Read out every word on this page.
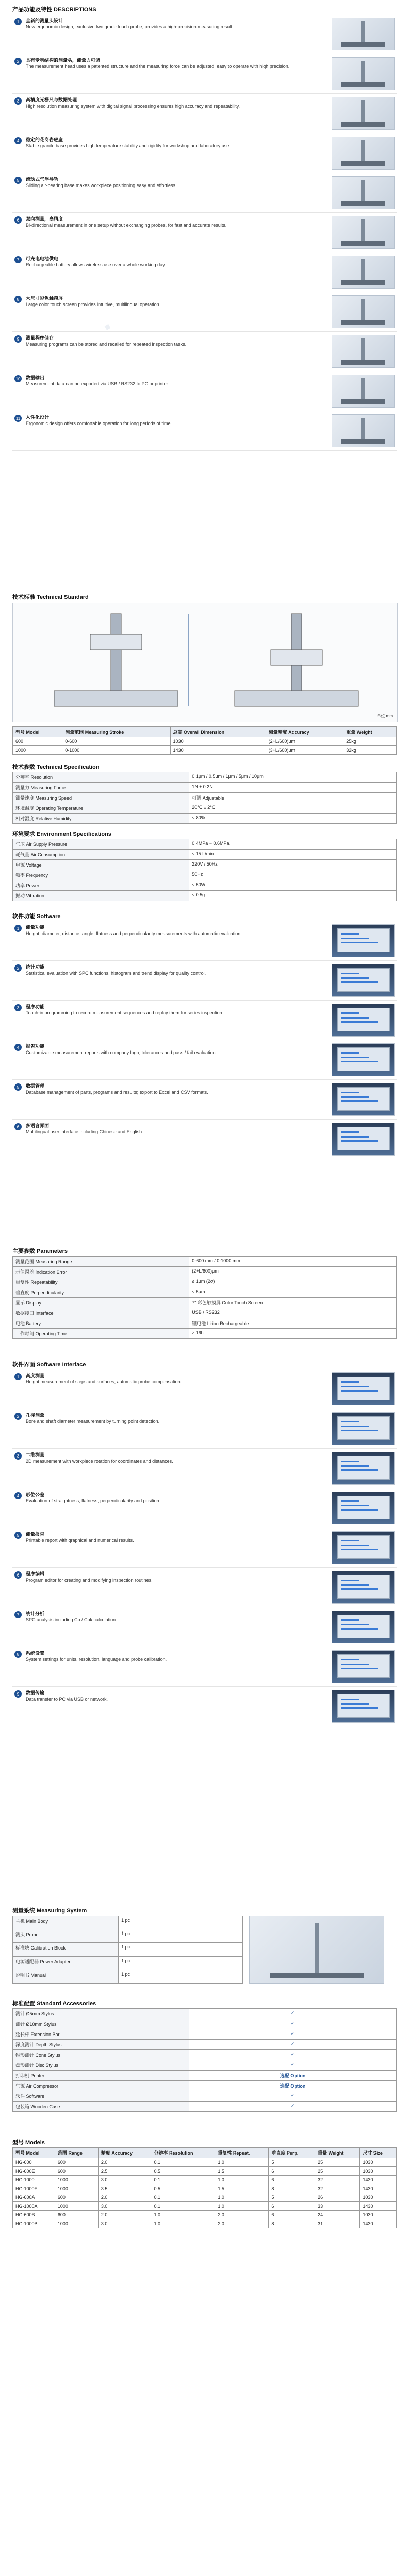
产品功能及特性 DESCRIPTIONS
1	全新的测量头设计
New ergonomic design, exclusive two grade touch probe, provides a high-precision measuring result.
2	具有专利结构的测量头，测量力可调
The measurement head uses a patented structure and the measuring force can be adjusted; easy to operate with high precision.
3	高精度光栅尺与数据处理
High resolution measuring system with digital signal processing ensures high accuracy and repeatability.
4	稳定的花岗岩底座
Stable granite base provides high temperature stability and rigidity for workshop and laboratory use.
5	滑动式气浮导轨
Sliding air-bearing base makes workpiece positioning easy and effortless.
6	双向测量，高精度
Bi-directional measurement in one setup without exchanging probes, for fast and accurate results.
7	可充电电池供电
Rechargeable battery allows wireless use over a whole working day.
8	大尺寸彩色触摸屏
Large color touch screen provides intuitive, multilingual operation.
9	测量程序储存
Measuring programs can be stored and recalled for repeated inspection tasks.
10 数据输出
Measurement data can be exported via USB / RS232 to PC or printer.
11	人性化设计
Ergonomic design offers comfortable operation for long periods of time.
技术标准 Technical Standard
单位 mm
型号 Model	测量范围 Measuring Stroke	总高 Overall Dimension	测量精度 Accuracy	重量 Weight
600	0-600	1030	(2+L/600)μm	25kg
1000	0-1000	1430	(3+L/600)μm	32kg
技术参数 Technical Specification
分辨率 Resolution	0.1μm / 0.5μm / 1μm / 5μm / 10μm
测量力 Measuring Force	1N ± 0.2N
测量速度 Measuring Speed	可调 Adjustable
环境温度 Operating Temperature	20°C ± 2°C
相对湿度 Relative Humidity	≤ 80%
环境要求 Environment Specifications
气压 Air Supply Pressure	0.4MPa ~ 0.6MPa
耗气量 Air Consumption	≤ 15 L/min
电源 Voltage	220V / 50Hz
频率 Frequency	50Hz
功率 Power	≤ 50W
振动 Vibration	≤ 0.5g
软件功能 Software
1	测量功能
Height, diameter, distance, angle, flatness and perpendicularity measurements with automatic evaluation.
2	统计功能
Statistical evaluation with SPC functions, histogram and trend display for quality control.
3	程序功能
Teach-in programming to record measurement sequences and replay them for series inspection.
4	报告功能
Customizable measurement reports with company logo, tolerances and pass / fail evaluation.
5	数据管理
Database management of parts, programs and results; export to Excel and CSV formats.
6	多语言界面
Multilingual user interface including Chinese and English.
主要参数 Parameters
测量范围 Measuring Range	0-600 mm / 0-1000 mm
示值误差 Indication Error	(2+L/600)μm
重复性 Repeatability	≤ 1μm (2σ)
垂直度 Perpendicularity	≤ 5μm
显示 Display	7" 彩色触摸屏 Color Touch Screen
数据接口 Interface	USB / RS232
电池 Battery	锂电池 Li-ion Rechargeable
工作时间 Operating Time	≥ 16h
软件界面 Software Interface
1	高度测量
Height measurement of steps and surfaces; automatic probe compensation.
2	孔径测量
Bore and shaft diameter measurement by turning point detection.
3	二维测量
2D measurement with workpiece rotation for coordinates and distances.
4	形位公差
Evaluation of straightness, flatness, perpendicularity and position.
5	测量报告
Printable report with graphical and numerical results.
6	程序编辑
Program editor for creating and modifying inspection routines.
7	统计分析
SPC analysis including Cp / Cpk calculation.
8	系统设置
System settings for units, resolution, language and probe calibration.
9	数据传输
Data transfer to PC via USB or network.
测量系统 Measuring System
主机 Main Body	1 pc
测头 Probe	1 pc
标准块 Calibration Block	1 pc
电源适配器 Power Adapter	1 pc
说明书 Manual	1 pc
标准配置 Standard Accessories
测针 Ø5mm Stylus	✓
测针 Ø10mm Stylus	✓
延长杆 Extension Bar	✓
深度测针 Depth Stylus	✓
锥形测针 Cone Stylus	✓
盘形测针 Disc Stylus	✓
打印机 Printer	选配 Option
气源 Air Compressor	选配 Option
软件 Software	✓
包装箱 Wooden Case	✓
型号 Models
型号 Model	范围 Range	精度 Accuracy	分辨率 Resolution	重复性 Repeat.	垂直度 Perp.	重量 Weight	尺寸 Size
HG-600	600	2.0	0.1	1.0	5	25	1030
HG-600E	600	2.5	0.5	1.5	6	25	1030
HG-1000	1000	3.0	0.1	1.0	6	32	1430
HG-1000E	1000	3.5	0.5	1.5	8	32	1430
HG-600A	600	2.0	0.1	1.0	5	26	1030
HG-1000A	1000	3.0	0.1	1.0	6	33	1430
HG-600B	600	2.0	1.0	2.0	6	24	1030
HG-1000B	1000	3.0	1.0	2.0	8	31	1430
∙
